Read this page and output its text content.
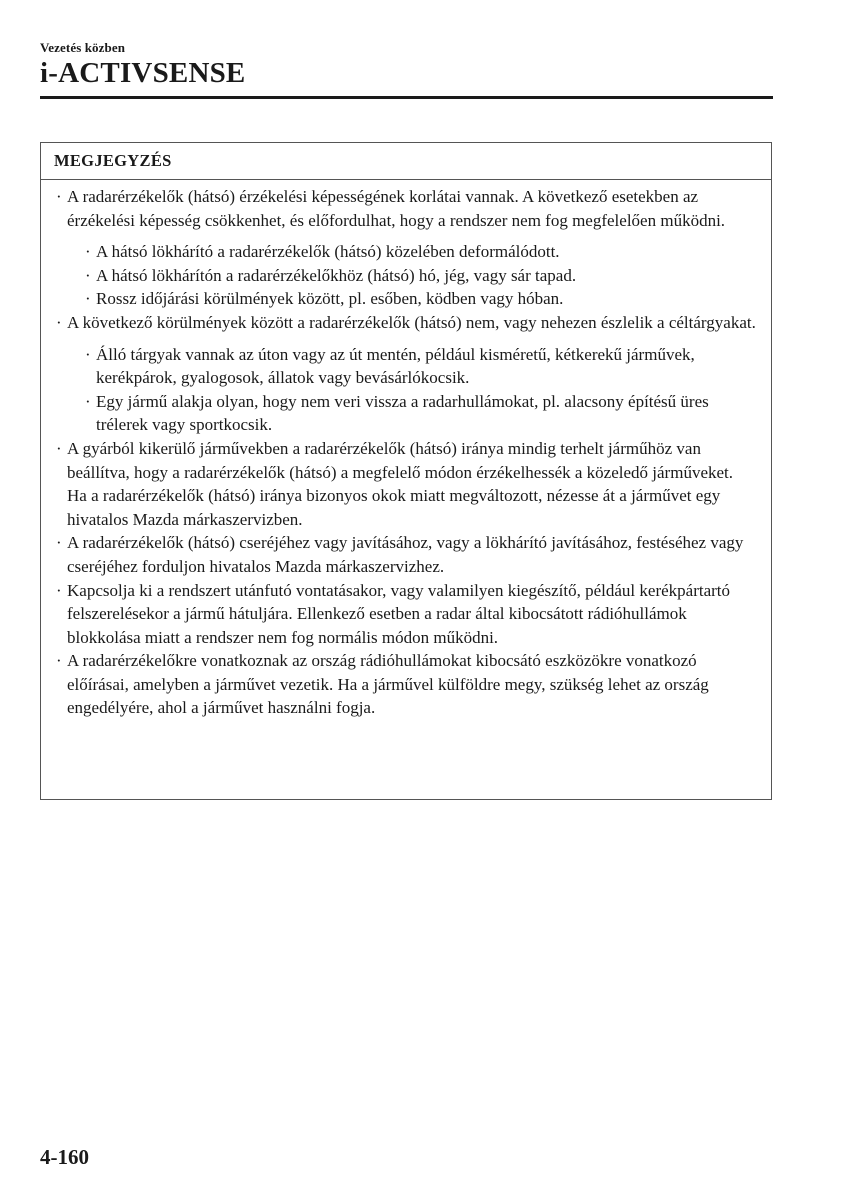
Vezetés közben
i-ACTIVSENSE
MEGJEGYZÉS
· A radarérzékelők (hátsó) érzékelési képességének korlátai vannak. A következő esetekben az érzékelési képesség csökkenhet, és előfordulhat, hogy a rendszer nem fog megfelelően működni.
· A hátsó lökhárító a radarérzékelők (hátsó) közelében deformálódott.
· A hátsó lökhárítón a radarérzékelőkhöz (hátsó) hó, jég, vagy sár tapad.
· Rossz időjárási körülmények között, pl. esőben, ködben vagy hóban.
· A következő körülmények között a radarérzékelők (hátsó) nem, vagy nehezen észlelik a céltárgyakat.
· Álló tárgyak vannak az úton vagy az út mentén, például kisméretű, kétkerekű járművek, kerékpárok, gyalogosok, állatok vagy bevásárlókocsik.
· Egy jármű alakja olyan, hogy nem veri vissza a radarhullámokat, pl. alacsony építésű üres trélerek vagy sportkocsik.
· A gyárból kikerülő járművekben a radarérzékelők (hátsó) iránya mindig terhelt járműhöz van beállítva, hogy a radarérzékelők (hátsó) a megfelelő módon érzékelhessék a közeledő járműveket. Ha a radarérzékelők (hátsó) iránya bizonyos okok miatt megváltozott, nézesse át a járművet egy hivatalos Mazda márkaszervizben.
· A radarérzékelők (hátsó) cseréjéhez vagy javításához, vagy a lökhárító javításához, festéséhez vagy cseréjéhez forduljon hivatalos Mazda márkaszervizhez.
· Kapcsolja ki a rendszert utánfutó vontatásakor, vagy valamilyen kiegészítő, például kerékpártartó felszerelésekor a jármű hátuljára. Ellenkező esetben a radar által kibocsátott rádióhullámok blokkolása miatt a rendszer nem fog normális módon működni.
· A radarérzékelőkre vonatkoznak az ország rádióhullámokat kibocsátó eszközökre vonatkozó előírásai, amelyben a járművet vezetik. Ha a járművel külföldre megy, szükség lehet az ország engedélyére, ahol a járművet használni fogja.
4-160
